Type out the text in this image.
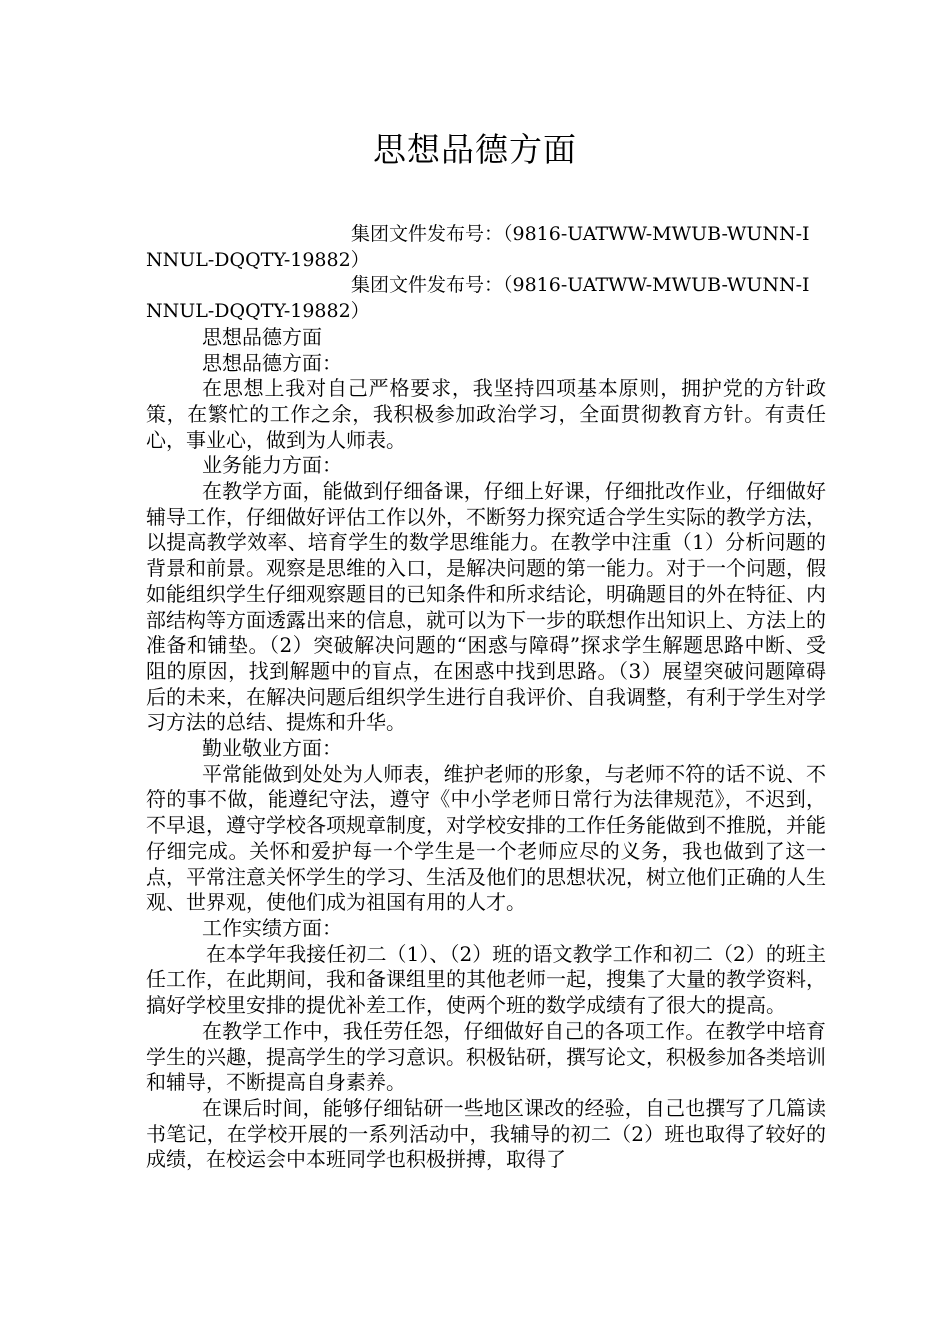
思想品德方面

集团文件发布号：（9816-UATWW-MWUB-WUNN-INNUL-DQQTY-19882）

集团文件发布号：（9816-UATWW-MWUB-WUNN-INNUL-DQQTY-19882）

思想品德方面

思想品德方面：

在思想上我对自己严格要求，我坚持四项基本原则，拥护党的方针政策，在繁忙的工作之余，我积极参加政治学习，全面贯彻教育方针。有责任心，事业心，做到为人师表。

业务能力方面：

在教学方面，能做到仔细备课，仔细上好课，仔细批改作业，仔细做好辅导工作，仔细做好评估工作以外，不断努力探究适合学生实际的教学方法，以提高教学效率、培育学生的数学思维能力。在教学中注重（1）分析问题的背景和前景。观察是思维的入口，是解决问题的第一能力。对于一个问题，假如能组织学生仔细观察题目的已知条件和所求结论，明确题目的外在特征、内部结构等方面透露出来的信息，就可以为下一步的联想作出知识上、方法上的准备和铺垫。（2）突破解决问题的“困惑与障碍”探求学生解题思路中断、受阻的原因，找到解题中的盲点，在困惑中找到思路。（3）展望突破问题障碍后的未来，在解决问题后组织学生进行自我评价、自我调整，有利于学生对学习方法的总结、提炼和升华。

勤业敬业方面：

平常能做到处处为人师表，维护老师的形象，与老师不符的话不说、不符的事不做，能遵纪守法，遵守《中小学老师日常行为法律规范》，不迟到，不早退，遵守学校各项规章制度，对学校安排的工作任务能做到不推脱，并能仔细完成。关怀和爱护每一个学生是一个老师应尽的义务，我也做到了这一点，平常注意关怀学生的学习、生活及他们的思想状况，树立他们正确的人生观、世界观，使他们成为祖国有用的人才。

工作实绩方面：

在本学年我接任初二（1）、（2）班的语文教学工作和初二（2）的班主任工作，在此期间，我和备课组里的其他老师一起，搜集了大量的教学资料，搞好学校里安排的提优补差工作，使两个班的数学成绩有了很大的提高。

在教学工作中，我任劳任怨，仔细做好自己的各项工作。在教学中培育学生的兴趣，提高学生的学习意识。积极钻研，撰写论文，积极参加各类培训和辅导，不断提高自身素养。

在课后时间，能够仔细钻研一些地区课改的经验，自己也撰写了几篇读书笔记，在学校开展的一系列活动中，我辅导的初二（2）班也取得了较好的成绩，在校运会中本班同学也积极拼搏，取得了
